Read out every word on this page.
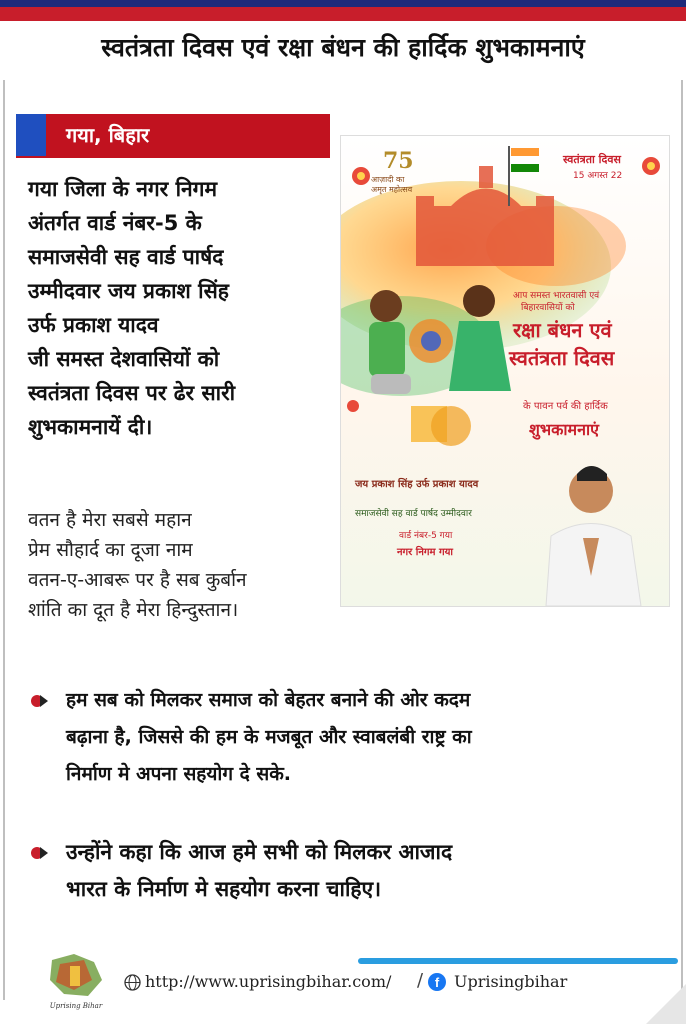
स्वतंत्रता दिवस एवं रक्षा बंधन की हार्दिक शुभकामनाएं
गया, बिहार
गया जिला के नगर निगम
अंतर्गत वार्ड नंबर-5 के
समाजसेवी सह वार्ड पार्षद
उम्मीदवार जय प्रकाश सिंह
उर्फ प्रकाश यादव
जी समस्त देशवासियों को
स्वतंत्रता दिवस पर ढेर सारी
शुभकामनायें दी।
वतन है मेरा सबसे महान
प्रेम सौहार्द का दूजा नाम
वतन-ए-आबरू पर है सब कुर्बान
शांति का दूत है मेरा हिन्दुस्तान।
75
आज़ादी का
अमृत महोत्सव
स्वतंत्रता दिवस
15 अगस्त 22
आप समस्त भारतवासी एवं
बिहारवासियों को
रक्षा बंधन एवं
स्वतंत्रता दिवस
के पावन पर्व की हार्दिक
शुभकामनाएं
जय प्रकाश सिंह उर्फ प्रकाश यादव
समाजसेवी सह वार्ड पार्षद उम्मीदवार
वार्ड नंबर-5 गया
नगर निगम गया
हम सब को मिलकर समाज को बेहतर बनाने की ओर कदम
बढ़ाना है, जिससे की हम के मजबूत और स्वाबलंबी राष्ट्र का
निर्माण मे अपना सहयोग दे सके.
उन्होंने कहा कि आज हमे सभी को मिलकर आजाद
भारत के निर्माण मे सहयोग करना चाहिए।
Uprising Bihar
http://www.uprisingbihar.com/ / f Uprisingbihar
